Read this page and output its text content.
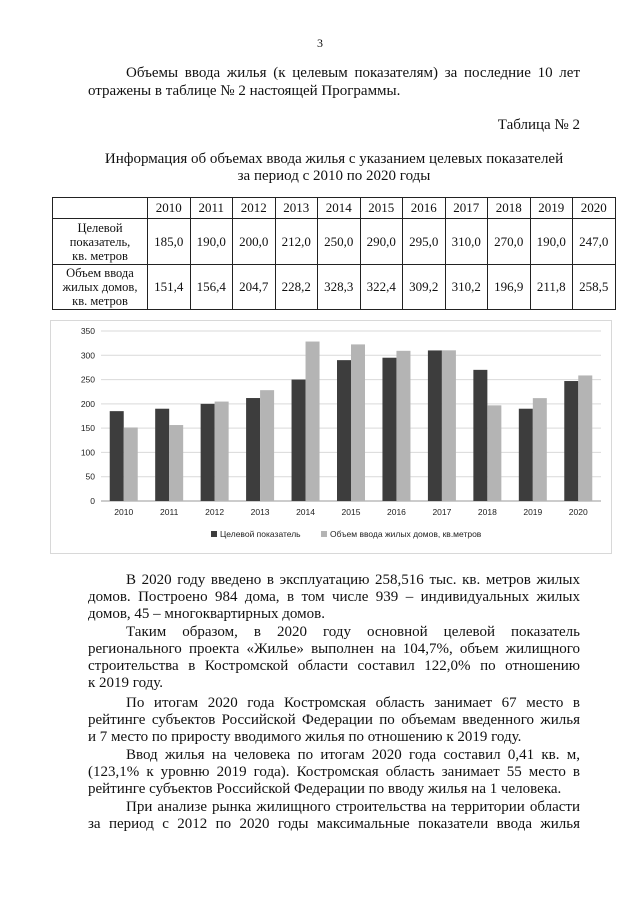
3
Объемы ввода жилья (к целевым показателям) за последние 10 лет
отражены в таблице № 2 настоящей Программы.
Таблица № 2
Информация об объемах ввода жилья с указанием целевых показателей
за период с 2010 по 2020 годы
	2010	2011	2012	2013	2014	2015	2016	2017	2018	2019	2020

Целевой
показатель,
кв. метров	185,0	190,0	200,0	212,0	250,0	290,0	295,0	310,0	270,0	190,0	247,0

Объем ввода
жилых домов,
кв. метров	151,4	156,4	204,7	228,2	328,3	322,4	309,2	310,2	196,9	211,8	258,5
0
50
100
150
200
250
300
350
2010	2011	2012	2013	2014	2015	2016	2017	2018	2019	2020
Целевой показатель	Объем ввода жилых домов, кв.метров
В 2020 году введено в эксплуатацию 258,516 тыс. кв. метров жилых
домов. Построено 984 дома, в том числе 939 – индивидуальных жилых
домов, 45 – многоквартирных домов.
Таким образом, в 2020 году основной целевой показатель
регионального проекта «Жилье» выполнен на 104,7%, объем жилищного
строительства в Костромской области составил 122,0% по отношению
к 2019 году.
По итогам 2020 года Костромская область занимает 67 место в
рейтинге субъектов Российской Федерации по объемам введенного жилья
и 7 место по приросту вводимого жилья по отношению к 2019 году.
Ввод жилья на человека по итогам 2020 года составил 0,41 кв. м,
(123,1% к уровню 2019 года). Костромская область занимает 55 место в
рейтинге субъектов Российской Федерации по вводу жилья на 1 человека.
При анализе рынка жилищного строительства на территории области
за период с 2012 по 2020 годы максимальные показатели ввода жилья
